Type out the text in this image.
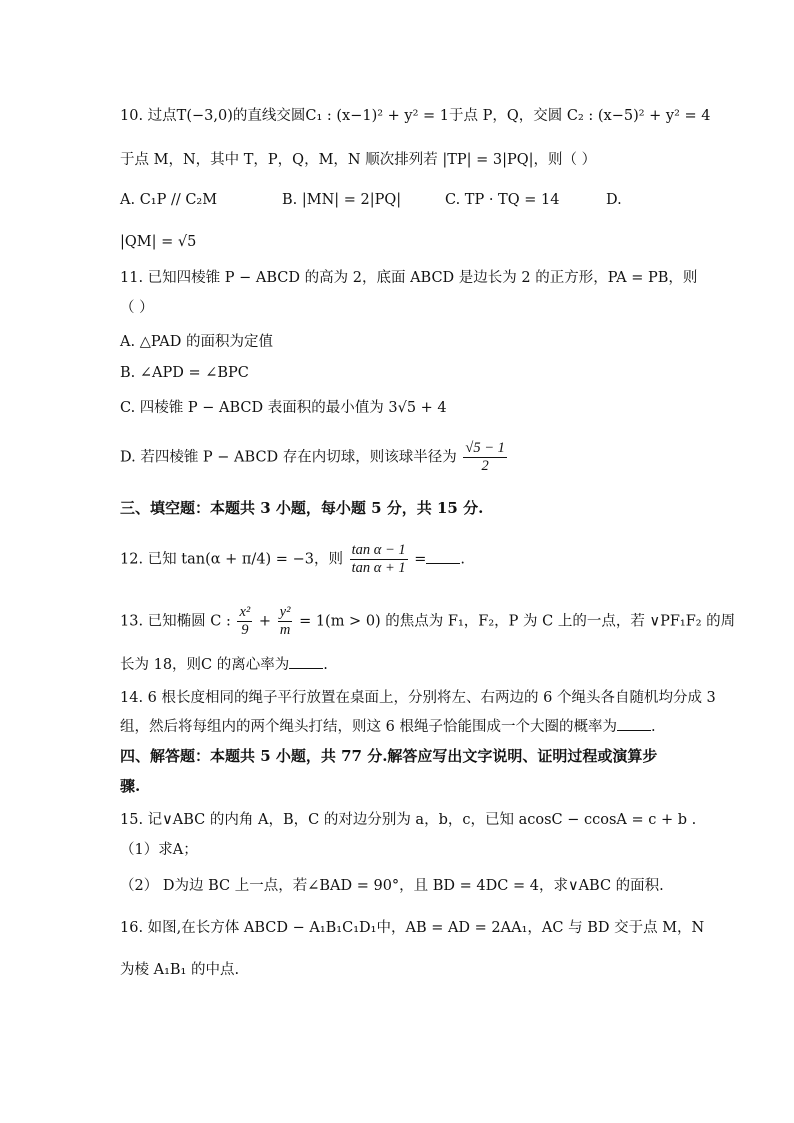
10. 过点T(−3,0)的直线交圆C₁ : (x−1)² + y² = 1于点 P，Q，交圆 C₂ : (x−5)² + y² = 4
于点 M，N，其中 T，P，Q，M，N 顺次排列若 |TP| = 3|PQ|，则（ ）
A. C₁P // C₂M	B. |MN| = 2|PQ|	C. TP · TQ = 14	D.
|QM| = √5
11. 已知四棱锥 P − ABCD 的高为 2，底面 ABCD 是边长为 2 的正方形，PA = PB，则
（ ）
A. △PAD 的面积为定值
B. ∠APD = ∠BPC
C. 四棱锥 P − ABCD 表面积的最小值为 3√5 + 4
D. 若四棱锥 P − ABCD 存在内切球，则该球半径为 $\frac{√5 - 1}{2}$
三、填空题：本题共 3 小题，每小题 5 分，共 15 分.
12. 已知 tan(α + π/4) = −3，则 $\frac{\text{tan α − 1}}{\text{tan α + 1}}$ = .
13. 已知椭圆 C : $\frac{\text{x²}}{9} + \frac{\text{y²}}{m} = 1(m > 0)$ 的焦点为 F₁，F₂，P 为 C 上的一点，若 ∨PF₁F₂ 的周
长为 18，则C 的离心率为 .
14. 6 根长度相同的绳子平行放置在桌面上，分别将左、右两边的 6 个绳头各自随机均分成 3
组，然后将每组内的两个绳头打结，则这 6 根绳子恰能围成一个大圈的概率为 .
四、解答题：本题共 5 小题，共 77 分.解答应写出文字说明、证明过程或演算步
骤.
15. 记∨ABC 的内角 A，B，C 的对边分别为 a，b，c，已知 acosC − ccosA = c + b .
（1）求A；
（2） D为边 BC 上一点，若∠BAD = 90°，且 BD = 4DC = 4，求∨ABC 的面积.
16. 如图,在长方体 ABCD − A₁B₁C₁D₁中，AB = AD = 2AA₁，AC 与 BD 交于点 M，N
为棱 A₁B₁ 的中点.
